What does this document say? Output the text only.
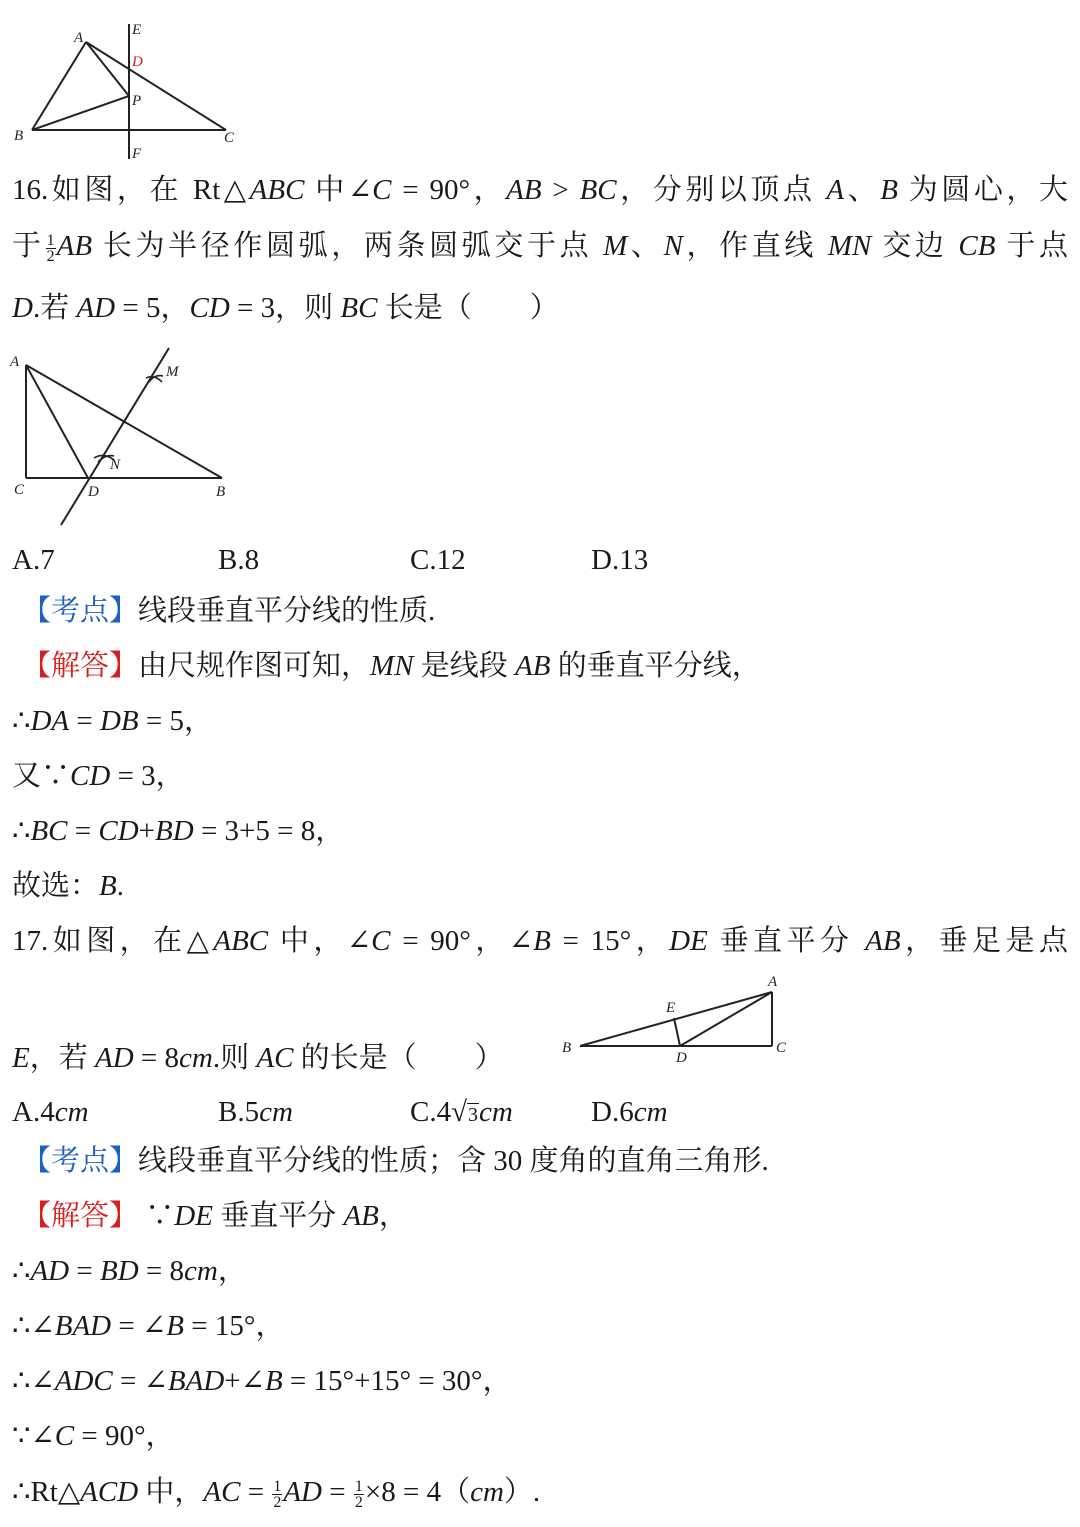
A	E
D
P
B	C
F
16.如图，在 Rt△ABC 中∠C = 90°，AB > BC，分别以顶点 A、B 为圆心，大
于 $\frac{1}{2}$ AB 长为半径作圆弧，两条圆弧交于点 M、N，作直线 MN 交边 CB 于点
D.若 AD = 5，CD = 3，则 BC 长是（　　）
A
M
N
C	D	B
A.7	B.8	C.12	D.13
【考点】线段垂直平分线的性质.
【解答】由尺规作图可知，MN 是线段 AB 的垂直平分线，
∴DA = DB = 5，
又∵CD = 3，
∴BC = CD+BD = 3+5 = 8，
故选：B.
17.如图，在△ABC 中，∠C = 90°，∠B = 15°，DE 垂直平分 AB，垂足是点
A
E
B
D
C
E，若 AD = 8cm.则 AC 的长是（　　）
A.4cm	B.5cm	C.4√3cm	D.6cm
【考点】线段垂直平分线的性质；含 30 度角的直角三角形.
【解答】 ∵DE 垂直平分 AB，
∴AD = BD = 8cm，
∴∠BAD = ∠B = 15°，
∴∠ADC = ∠BAD+∠B = 15°+15° = 30°，
∵∠C = 90°，
∴Rt△ACD 中，AC = $\frac{1}{2}$ AD = $\frac{1}{2} \times 8 = 4(cm)$.
